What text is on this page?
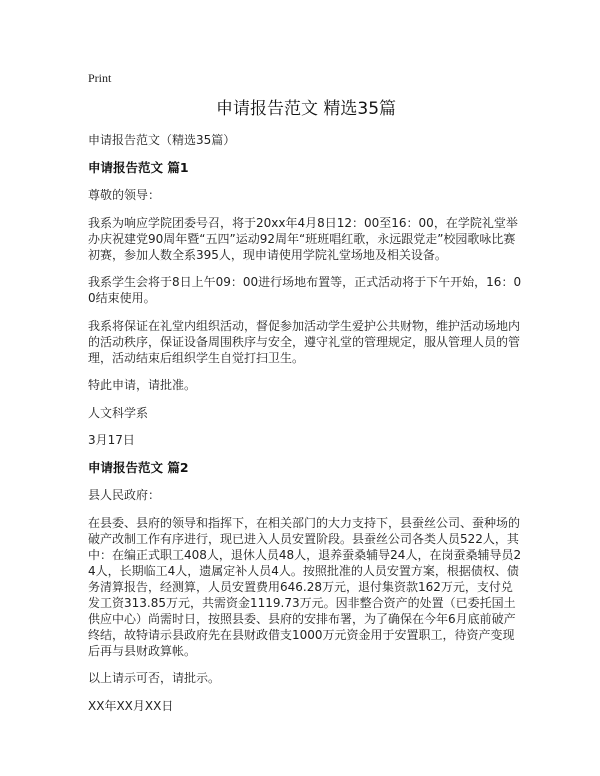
Print
申请报告范文 精选35篇

申请报告范文（精选35篇）

申请报告范文 篇1

尊敬的领导：

我系为响应学院团委号召，将于20xx年4月8日12：00至16：00，在学院礼堂举办庆祝建党90周年暨“五四”运动92周年“班班唱红歌，永远跟党走”校园歌咏比赛初赛，参加人数全系395人，现申请使用学院礼堂场地及相关设备。

我系学生会将于8日上午09：00进行场地布置等，正式活动将于下午开始，16：00结束使用。

我系将保证在礼堂内组织活动，督促参加活动学生爱护公共财物，维护活动场地内的活动秩序，保证设备周围秩序与安全，遵守礼堂的管理规定，服从管理人员的管理，活动结束后组织学生自觉打扫卫生。

特此申请，请批准。

人文科学系

3月17日

申请报告范文 篇2

县人民政府：

在县委、县府的领导和指挥下，在相关部门的大力支持下，县蚕丝公司、蚕种场的破产改制工作有序进行，现已进入人员安置阶段。县蚕丝公司各类人员522人，其中：在编正式职工408人，退休人员48人，退养蚕桑辅导24人，在岗蚕桑辅导员24人，长期临工4人，遗属定补人员4人。按照批准的人员安置方案，根据债权、债务清算报告，经测算，人员安置费用646.28万元，退付集资款162万元，支付兑发工资313.85万元，共需资金1119.73万元。因非整合资产的处置（已委托国土供应中心）尚需时日，按照县委、县府的安排布署，为了确保在今年6月底前破产终结，故特请示县政府先在县财政借支1000万元资金用于安置职工，待资产变现后再与县财政算帐。

以上请示可否，请批示。

XX年XX月XX日
